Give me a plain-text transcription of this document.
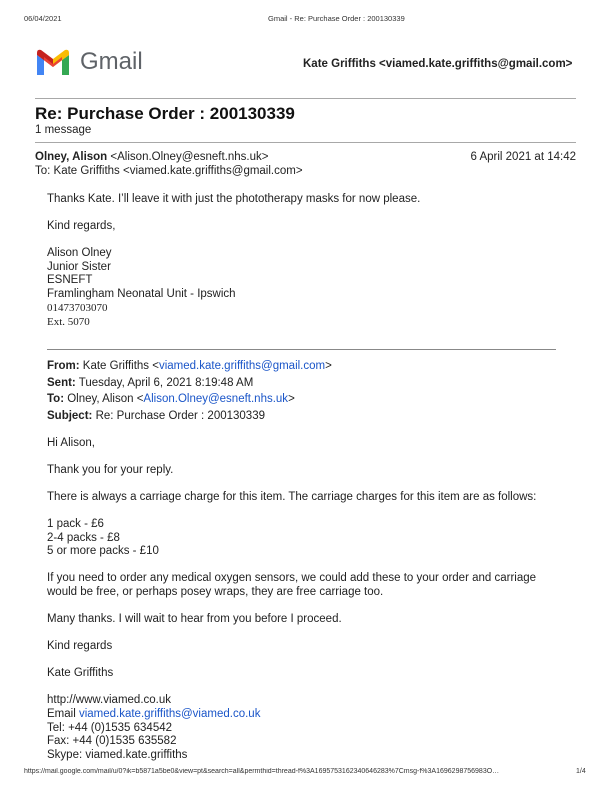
06/04/2021	Gmail - Re: Purchase Order : 200130339
Gmail	Kate Griffiths <viamed.kate.griffiths@gmail.com>
Re: Purchase Order : 200130339
1 message
Olney, Alison <Alison.Olney@esneft.nhs.uk>	6 April 2021 at 14:42
To: Kate Griffiths <viamed.kate.griffiths@gmail.com>
Thanks Kate. I’ll leave it with just the phototherapy masks for now please.
Kind regards,
Alison Olney
Junior Sister
ESNEFT
Framlingham Neonatal Unit - Ipswich
01473703070
Ext. 5070
From: Kate Griffiths <viamed.kate.griffiths@gmail.com>
Sent: Tuesday, April 6, 2021 8:19:48 AM
To: Olney, Alison <Alison.Olney@esneft.nhs.uk>
Subject: Re: Purchase Order : 200130339
Hi Alison,
Thank you for your reply.
There is always a carriage charge for this item. The carriage charges for this item are as follows:
1 pack - £6
2-4 packs - £8
5 or more packs - £10
If you need to order any medical oxygen sensors, we could add these to your order and carriage
would be free, or perhaps posey wraps, they are free carriage too.
Many thanks. I will wait to hear from you before I proceed.
Kind regards
Kate Griffiths
http://www.viamed.co.uk
Email viamed.kate.griffiths@viamed.co.uk
Tel: +44 (0)1535 634542
Fax: +44 (0)1535 635582
Skype: viamed.kate.griffiths
https://mail.google.com/mail/u/0?ik=b5871a5be0&view=pt&search=all&permthid=thread-f%3A1695753162340646283%7Cmsg-f%3A1696298756983O…	1/4
